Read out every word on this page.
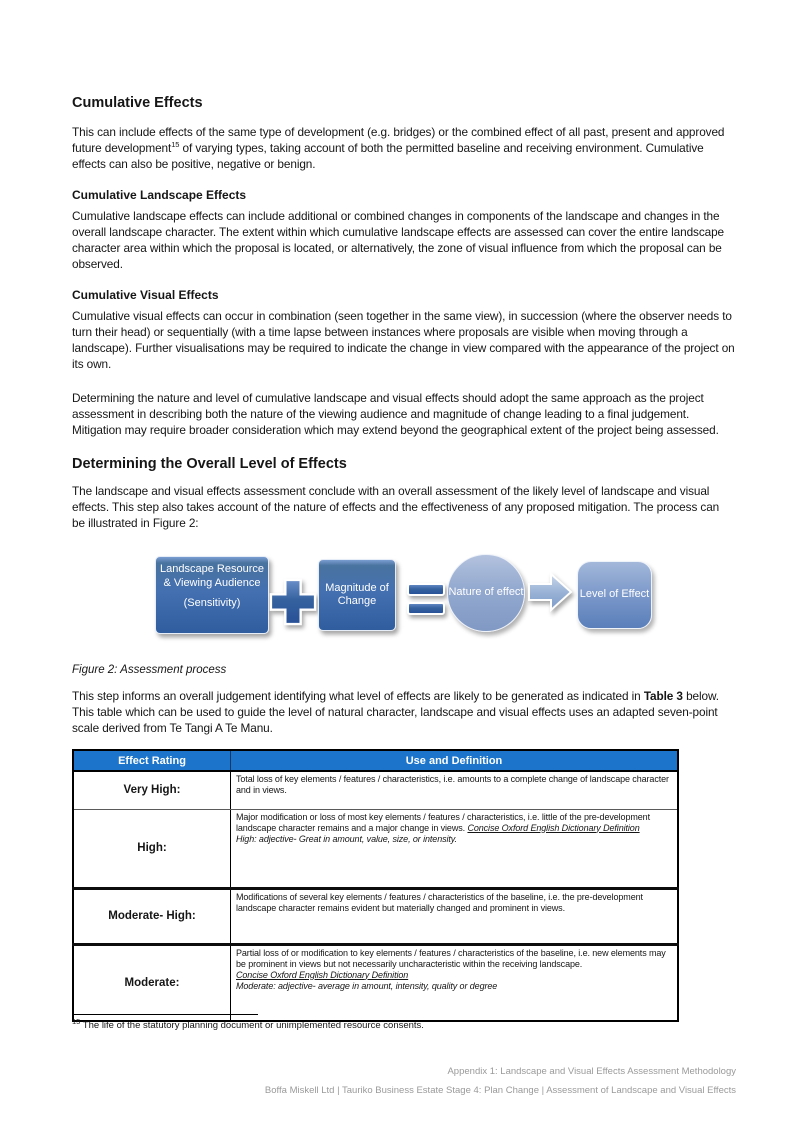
Cumulative Effects

This can include effects of the same type of development (e.g. bridges) or the combined effect of all past, present and approved future development$^{15}$ of varying types, taking account of both the permitted baseline and receiving environment. Cumulative effects can also be positive, negative or benign.

Cumulative Landscape Effects

Cumulative landscape effects can include additional or combined changes in components of the landscape and changes in the overall landscape character. The extent within which cumulative landscape effects are assessed can cover the entire landscape character area within which the proposal is located, or alternatively, the zone of visual influence from which the proposal can be observed.

Cumulative Visual Effects

Cumulative visual effects can occur in combination (seen together in the same view), in succession (where the observer needs to turn their head) or sequentially (with a time lapse between instances where proposals are visible when moving through a landscape). Further visualisations may be required to indicate the change in view compared with the appearance of the project on its own.

Determining the nature and level of cumulative landscape and visual effects should adopt the same approach as the project assessment in describing both the nature of the viewing audience and magnitude of change leading to a final judgement. Mitigation may require broader consideration which may extend beyond the geographical extent of the project being assessed.

Determining the Overall Level of Effects

The landscape and visual effects assessment conclude with an overall assessment of the likely level of landscape and visual effects. This step also takes account of the nature of effects and the effectiveness of any proposed mitigation. The process can be illustrated in Figure 2:

Landscape Resource & Viewing Audience
(Sensitivity)
Magnitude of Change
Nature of effect	Level of Effect

Figure 2: Assessment process

This step informs an overall judgement identifying what level of effects are likely to be generated as indicated in Table 3 below. This table which can be used to guide the level of natural character, landscape and visual effects uses an adapted seven-point scale derived from Te Tangi A Te Manu.

Effect Rating	Use and Definition
Very High:	Total loss of key elements / features / characteristics, i.e. amounts to a complete change of landscape character and in views.
High:	Major modification or loss of most key elements / features / characteristics, i.e. little of the pre-development landscape character remains and a major change in views. Concise Oxford English Dictionary Definition
High: adjective- Great in amount, value, size, or intensity.
Moderate- High:	Modifications of several key elements / features / characteristics of the baseline, i.e. the pre-development landscape character remains evident but materially changed and prominent in views.
Moderate:	Partial loss of or modification to key elements / features / characteristics of the baseline, i.e. new elements may be prominent in views but not necessarily uncharacteristic within the receiving landscape.
Concise Oxford English Dictionary Definition
Moderate: adjective- average in amount, intensity, quality or degree
$^{15}$ The life of the statutory planning document or unimplemented resource consents.
Appendix 1: Landscape and Visual Effects Assessment Methodology
Boffa Miskell Ltd | Tauriko Business Estate Stage 4: Plan Change | Assessment of Landscape and Visual Effects
